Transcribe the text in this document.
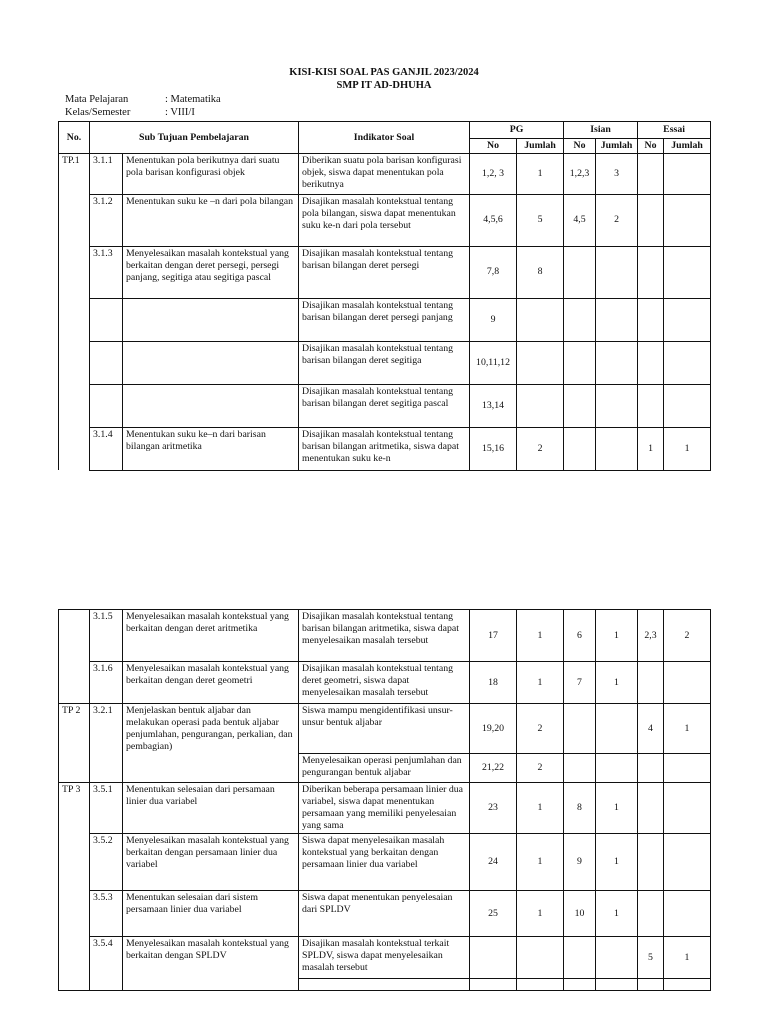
KISI-KISI SOAL PAS GANJIL 2023/2024
SMP IT AD-DHUHA
Mata Pelajaran	: Matematika
Kelas/Semester	: VIII/I
No.	Sub Tujuan Pembelajaran		Indikator Soal	PG		Isian		Essai	
				No	Jumlah	No	Jumlah	No	Jumlah
TP.1	3.1.1	Menentukan pola berikutnya dari suatu pola barisan konfigurasi objek	Diberikan suatu pola barisan konfigurasi objek, siswa dapat menentukan pola berikutnya	1,2, 3	1	1,2,3	3		
	3.1.2	Menentukan suku ke –n dari pola bilangan	Disajikan masalah kontekstual tentang pola bilangan, siswa dapat menentukan suku ke-n dari pola tersebut	4,5,6	5	4,5	2		
	3.1.3	Menyelesaikan masalah kontekstual yang berkaitan dengan deret persegi, persegi panjang, segitiga atau segitiga pascal	Disajikan masalah kontekstual tentang barisan bilangan deret persegi	7,8	8				
			Disajikan masalah kontekstual tentang barisan bilangan deret persegi panjang	9					
			Disajikan masalah kontekstual tentang barisan bilangan deret segitiga	10,11,12					
			Disajikan masalah kontekstual tentang barisan bilangan deret segitiga pascal	13,14					
	3.1.4	Menentukan suku ke–n dari barisan bilangan aritmetika	Disajikan masalah kontekstual tentang barisan bilangan aritmetika, siswa dapat menentukan suku ke-n	15,16	2			1	1
	3.1.5	Menyelesaikan masalah kontekstual yang berkaitan dengan deret aritmetika	Disajikan masalah kontekstual tentang barisan bilangan aritmetika, siswa dapat menyelesaikan masalah tersebut	17	1	6	1	2,3	2
	3.1.6	Menyelesaikan masalah kontekstual yang berkaitan dengan deret geometri	Disajikan masalah kontekstual tentang deret geometri, siswa dapat menyelesaikan masalah tersebut	18	1	7	1		
TP 2	3.2.1	Menjelaskan bentuk aljabar dan melakukan operasi pada bentuk aljabar penjumlahan, pengurangan, perkalian, dan pembagian)	Siswa mampu mengidentifikasi unsur-unsur bentuk aljabar	19,20	2			4	1
			Menyelesaikan operasi penjumlahan dan pengurangan bentuk aljabar	21,22	2				
TP 3	3.5.1	Menentukan selesaian dari persamaan linier dua variabel	Diberikan beberapa persamaan linier dua variabel, siswa dapat menentukan persamaan yang memiliki penyelesaian yang sama	23	1	8	1		
	3.5.2	Menyelesaikan masalah kontekstual yang berkaitan dengan persamaan linier dua variabel	Siswa dapat menyelesaikan masalah kontekstual yang berkaitan dengan persamaan linier dua variabel	24	1	9	1		
	3.5.3	Menentukan selesaian dari sistem persamaan linier dua variabel	Siswa dapat menentukan penyelesaian dari SPLDV	25	1	10	1		
	3.5.4	Menyelesaikan masalah kontekstual yang berkaitan dengan SPLDV	Disajikan masalah kontekstual terkait SPLDV, siswa dapat menyelesaikan masalah tersebut					5	1
